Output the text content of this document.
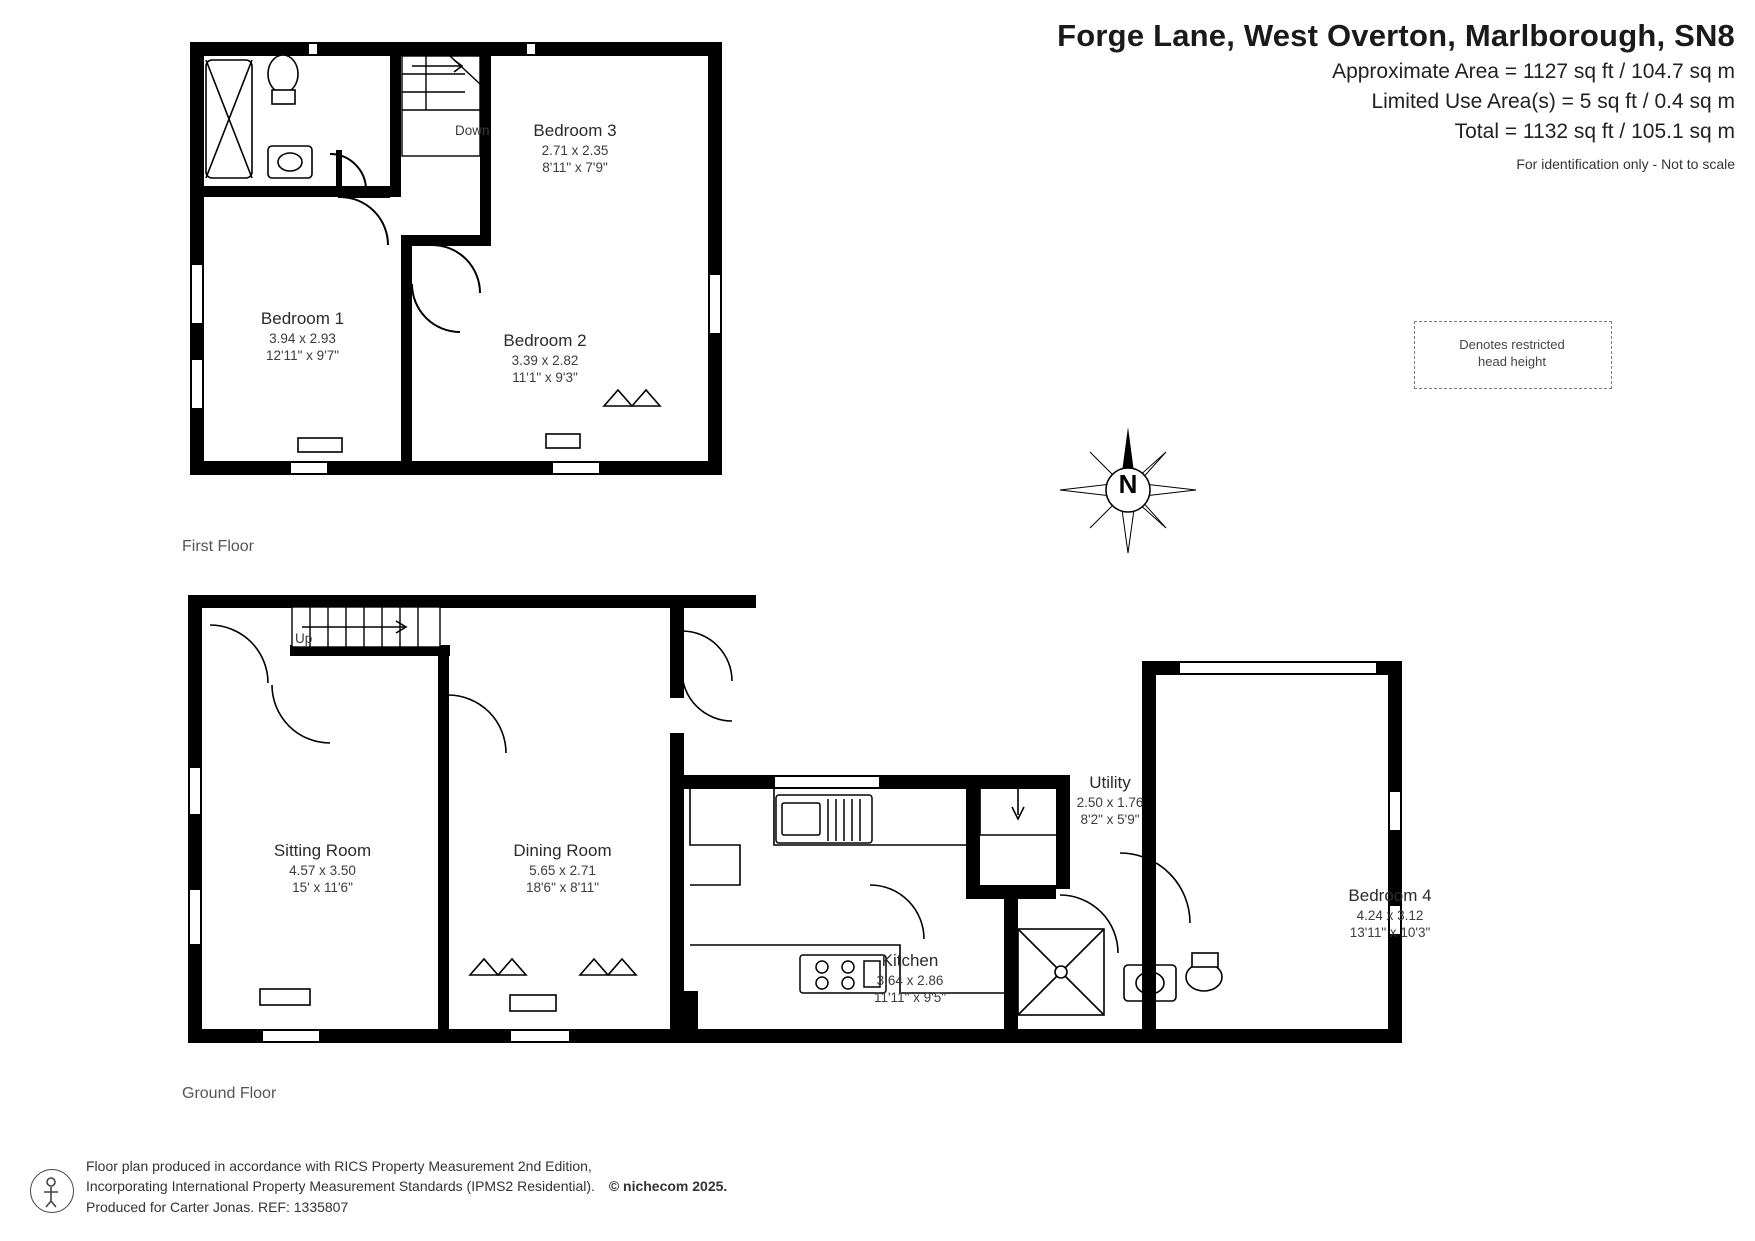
Forge Lane, West Overton, Marlborough, SN8
Approximate Area = 1127 sq ft / 104.7 sq m
Limited Use Area(s) = 5 sq ft / 0.4 sq m
Total = 1132 sq ft / 105.1 sq m
For identification only - Not to scale
Denotes restricted
head height
N
Bedroom 3
2.71 x 2.35
8'11" x 7'9"
Bedroom 1
3.94 x 2.93
12'11" x 9'7"
Bedroom 2
3.39 x 2.82
11'1" x 9'3"
Down
First Floor
Sitting Room
4.57 x 3.50
15' x 11'6"
Dining Room
5.65 x 2.71
18'6" x 8'11"
Kitchen
3.64 x 2.86
11'11" x 9'5"
Utility
2.50 x 1.76
8'2" x 5'9"
Bedroom 4
4.24 x 3.12
13'11" x 10'3"
Up
Ground Floor
Floor plan produced in accordance with RICS Property Measurement 2nd Edition,
Incorporating International Property Measurement Standards (IPMS2 Residential). © nichecom 2025.
Produced for Carter Jonas. REF: 1335807
